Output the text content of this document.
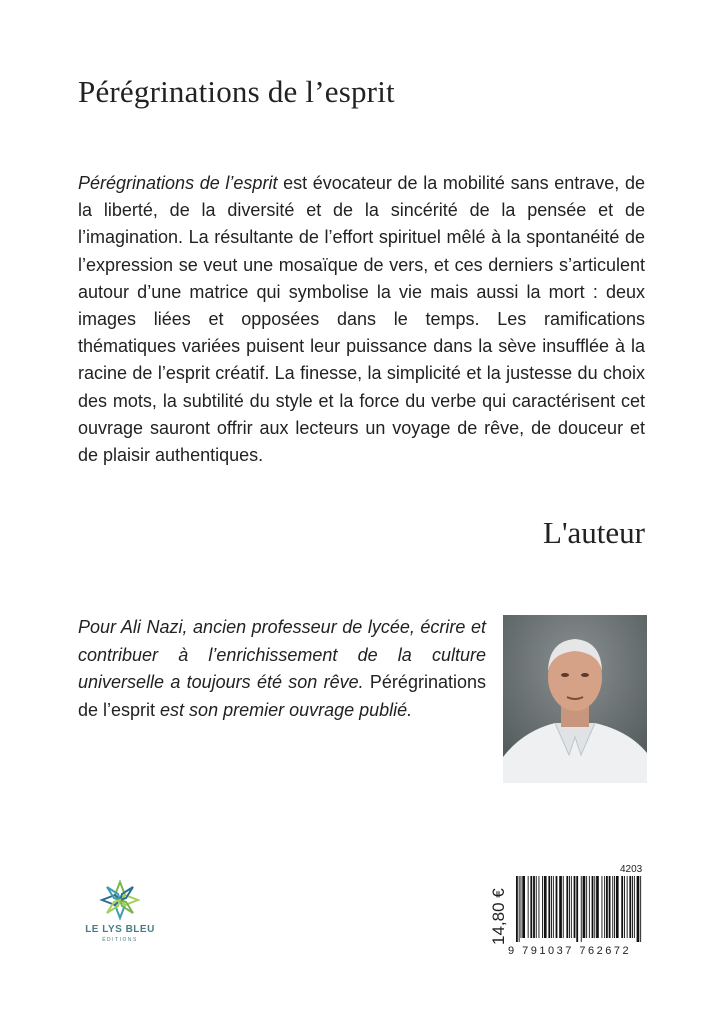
Pérégrinations de l’esprit
Pérégrinations de l’esprit est évocateur de la mobilité sans entrave, de la liberté, de la diversité et de la sincérité de la pensée et de l’imagination. La résultante de l’effort spirituel mêlé à la spontanéité de l’expression se veut une mosaïque de vers, et ces derniers s’articulent autour d’une matrice qui symbolise la vie mais aussi la mort : deux images liées et opposées dans le temps. Les ramifications thématiques variées puisent leur puissance dans la sève insufflée à la racine de l’esprit créatif. La finesse, la simplicité et la justesse du choix des mots, la subtilité du style et la force du verbe qui caractérisent cet ouvrage sauront offrir aux lecteurs un voyage de rêve, de douceur et de plaisir authentiques.
L'auteur
Pour Ali Nazi, ancien professeur de lycée, écrire et contribuer à l’enrichissement de la culture universelle a toujours été son rêve. Pérégrinations de l’esprit est son premier ouvrage publié.
LE LYS BLEU
ÉDITIONS
4203
14,80 €
9 791037 762672
